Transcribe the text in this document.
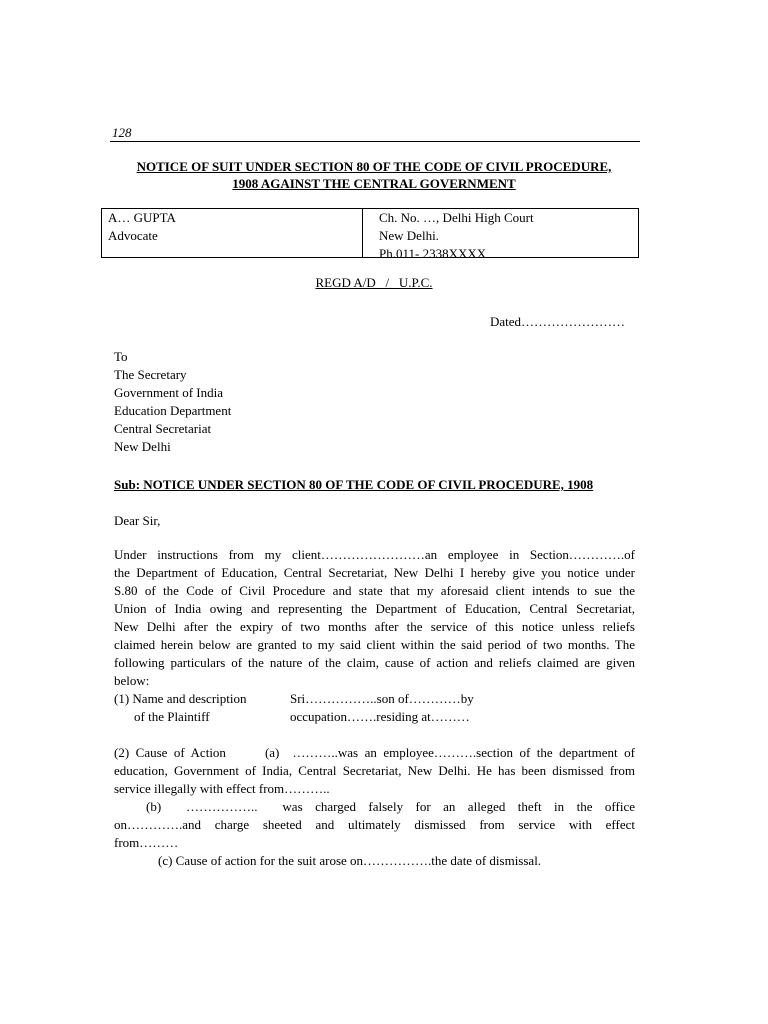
128
NOTICE OF SUIT UNDER SECTION 80 OF THE CODE OF CIVIL PROCEDURE,
1908 AGAINST THE CENTRAL GOVERNMENT
A… GUPTA
Advocate
Ch. No. …, Delhi High Court
New Delhi.
Ph.011- 2338XXXX
REGD A/D   /   U.P.C.
Dated……………………
To
The Secretary
Government of India
Education Department
Central Secretariat
New Delhi
Sub: NOTICE UNDER SECTION 80 OF THE CODE OF CIVIL PROCEDURE, 1908
Dear Sir,
Under instructions from my client……………………an employee in Section………….of
the Department of Education, Central Secretariat, New Delhi I hereby give you notice under
S.80 of the Code of Civil Procedure and state that my aforesaid client intends to sue the
Union of India owing and representing the Department of Education, Central Secretariat,
New Delhi after the expiry of two months after the service of this notice unless reliefs
claimed herein below are granted to my said client within the said period of two months. The
following particulars of the nature of the claim, cause of action and reliefs claimed are given
below:
(1) Name and description	Sri……………..son of…………by
of the Plaintiff	occupation…….residing at………
(2) Cause of Action      (a)  ………..was an employee……….section of the department of
education, Government of India, Central Secretariat, New Delhi. He has been dismissed from
service illegally with effect from………..
(b)  ……………..  was charged falsely for an alleged theft in the office
on………….and charge sheeted and ultimately dismissed from service with effect
from………
(c) Cause of action for the suit arose on…………….the date of dismissal.
